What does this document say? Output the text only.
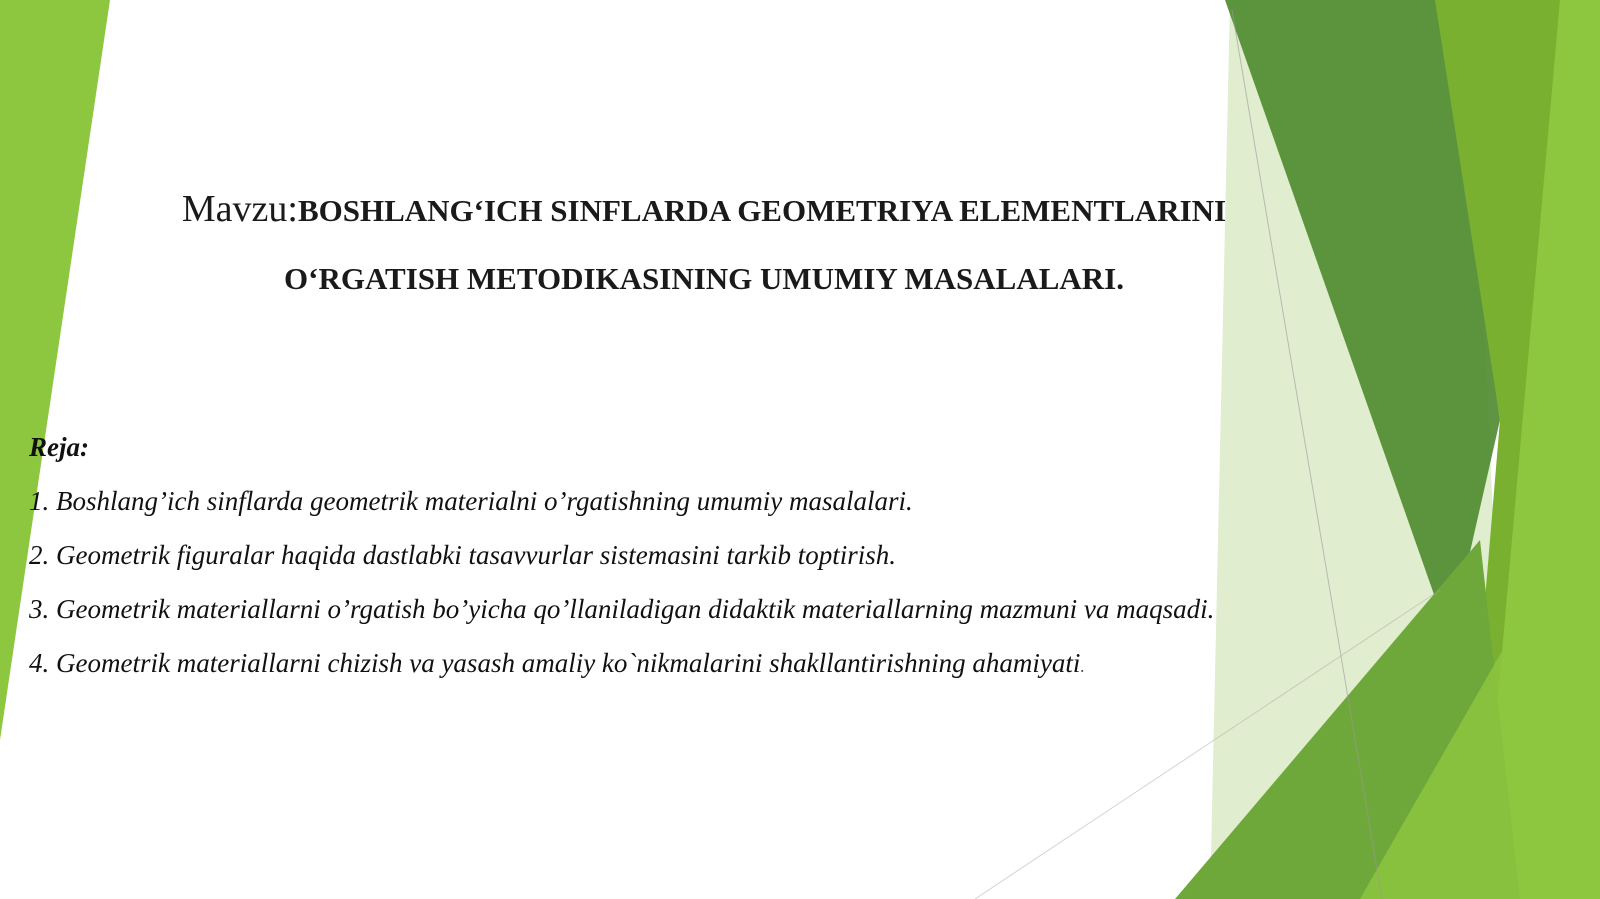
Mavzu:BOSHLANG‘ICH SINFLARDA GEOMETRIYA ELEMENTLARINI
O‘RGATISH METODIKASINING UMUMIY MASALALARI.

Reja:

1. Boshlang’ich sinflarda geometrik materialni o’rgatishning umumiy masalalari.

2. Geometrik figuralar haqida dastlabki tasavvurlar sistemasini tarkib toptirish.

3. Geometrik materiallarni o’rgatish bo’yicha qo’llaniladigan didaktik materiallarning mazmuni va maqsadi.

4. Geometrik materiallarni chizish va yasash amaliy ko`nikmalarini shakllantirishning ahamiyati.
